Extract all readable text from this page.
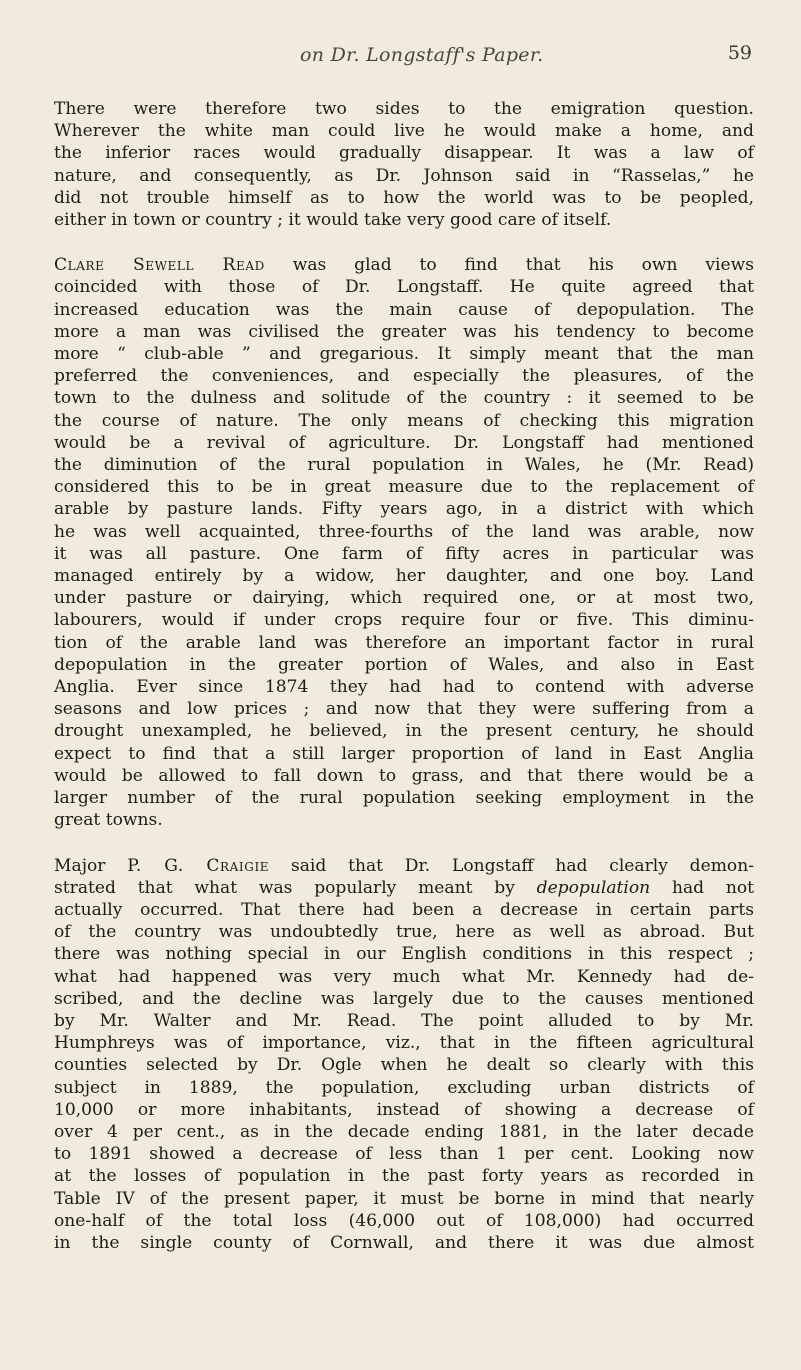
on Dr. Longstaff's Paper.	59
There were therefore two sides to the emigration question.
Wherever the white man could live he would make a home, and
the inferior races would gradually disappear. It was a law of
nature, and consequently, as Dr. Johnson said in “Rasselas,” he
did not trouble himself as to how the world was to be peopled,
either in town or country ; it would take very good care of itself.
Clare Sewell Read was glad to find that his own views
coincided with those of Dr. Longstaff. He quite agreed that
increased education was the main cause of depopulation. The
more a man was civilised the greater was his tendency to become
more “ club-able ” and gregarious. It simply meant that the man
preferred the conveniences, and especially the pleasures, of the
town to the dulness and solitude of the country : it seemed to be
the course of nature. The only means of checking this migration
would be a revival of agriculture. Dr. Longstaff had mentioned
the diminution of the rural population in Wales, he (Mr. Read)
considered this to be in great measure due to the replacement of
arable by pasture lands. Fifty years ago, in a district with which
he was well acquainted, three-fourths of the land was arable, now
it was all pasture. One farm of fifty acres in particular was
managed entirely by a widow, her daughter, and one boy. Land
under pasture or dairying, which required one, or at most two,
labourers, would if under crops require four or five. This diminu-
tion of the arable land was therefore an important factor in rural
depopulation in the greater portion of Wales, and also in East
Anglia. Ever since 1874 they had had to contend with adverse
seasons and low prices ; and now that they were suffering from a
drought unexampled, he believed, in the present century, he should
expect to find that a still larger proportion of land in East Anglia
would be allowed to fall down to grass, and that there would be a
larger number of the rural population seeking employment in the
great towns.
Major P. G. Craigie said that Dr. Longstaff had clearly demon-
strated that what was popularly meant by depopulation had not
actually occurred. That there had been a decrease in certain parts
of the country was undoubtedly true, here as well as abroad. But
there was nothing special in our English conditions in this respect ;
what had happened was very much what Mr. Kennedy had de-
scribed, and the decline was largely due to the causes mentioned
by Mr. Walter and Mr. Read. The point alluded to by Mr.
Humphreys was of importance, viz., that in the fifteen agricultural
counties selected by Dr. Ogle when he dealt so clearly with this
subject in 1889, the population, excluding urban districts of
10,000 or more inhabitants, instead of showing a decrease of
over 4 per cent., as in the decade ending 1881, in the later decade
to 1891 showed a decrease of less than 1 per cent. Looking now
at the losses of population in the past forty years as recorded in
Table IV of the present paper, it must be borne in mind that nearly
one-half of the total loss (46,000 out of 108,000) had occurred
in the single county of Cornwall, and there it was due almost
